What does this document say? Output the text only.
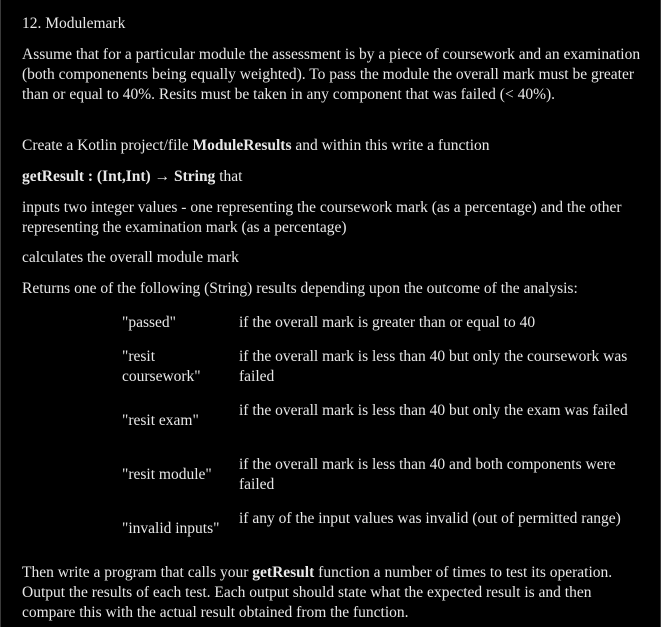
12. Modulemark
Assume that for a particular module the assessment is by a piece of coursework and an examination (both componenents being equally weighted). To pass the module the overall mark must be greater than or equal to 40%. Resits must be taken in any component that was failed (< 40%).
Create a Kotlin project/file ModuleResults and within this write a function
getResult : (Int,Int) → String that
inputs two integer values - one representing the coursework mark (as a percentage) and the other representing the examination mark (as a percentage)
calculates the overall module mark
Returns one of the following (String) results depending upon the outcome of the analysis:
"passed"	if the overall mark is greater than or equal to 40
"resit coursework"
if the overall mark is less than 40 but only the coursework was failed
"resit exam"
if the overall mark is less than 40 but only the exam was failed
"resit module"
if the overall mark is less than 40 and both components were failed
"invalid inputs"
if any of the input values was invalid (out of permitted range)
Then write a program that calls your getResult function a number of times to test its operation. Output the results of each test. Each output should state what the expected result is and then compare this with the actual result obtained from the function.
